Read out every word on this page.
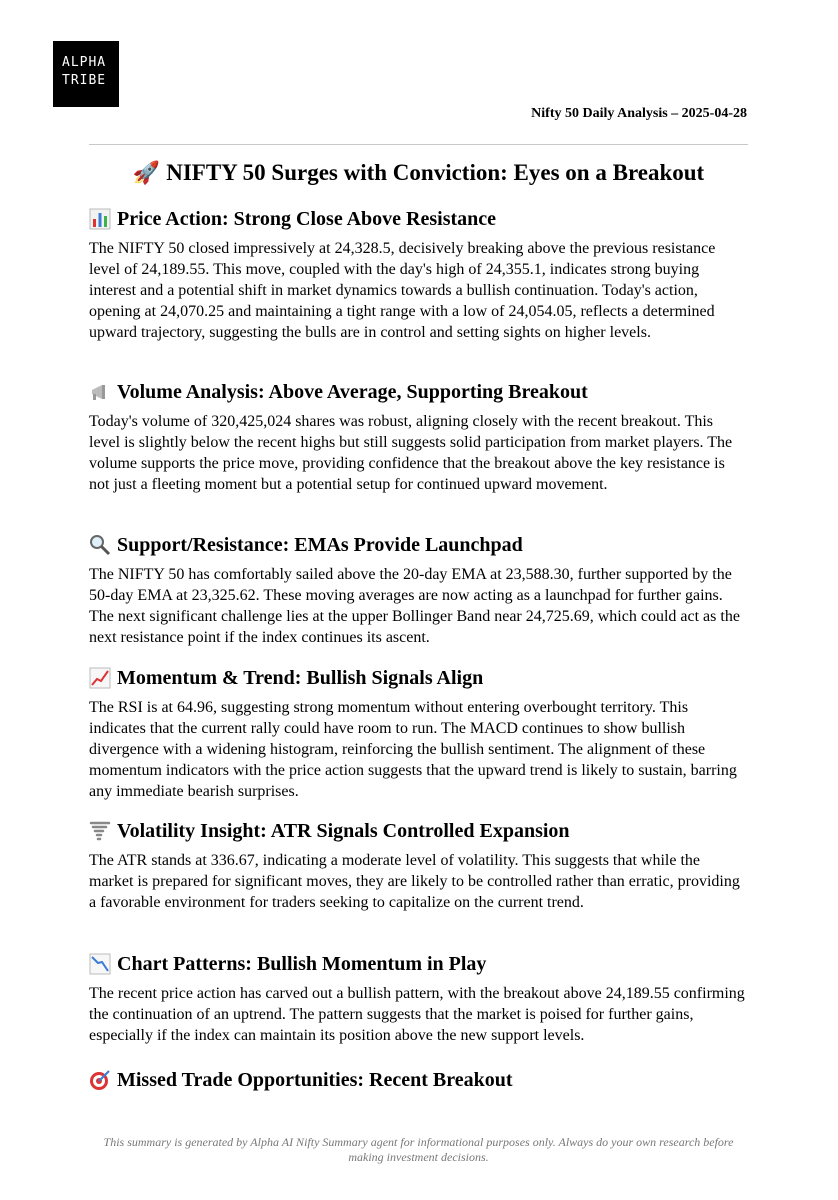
ALPHA
TRIBE
Nifty 50 Daily Analysis – 2025-04-28
🚀 NIFTY 50 Surges with Conviction: Eyes on a Breakout
Price Action: Strong Close Above Resistance

The NIFTY 50 closed impressively at 24,328.5, decisively breaking above the previous resistance level of 24,189.55. This move, coupled with the day's high of 24,355.1, indicates strong buying interest and a potential shift in market dynamics towards a bullish continuation. Today's action, opening at 24,070.25 and maintaining a tight range with a low of 24,054.05, reflects a determined upward trajectory, suggesting the bulls are in control and setting sights on higher levels.

Volume Analysis: Above Average, Supporting Breakout

Today's volume of 320,425,024 shares was robust, aligning closely with the recent breakout. This level is slightly below the recent highs but still suggests solid participation from market players. The volume supports the price move, providing confidence that the breakout above the key resistance is not just a fleeting moment but a potential setup for continued upward movement.

Support/Resistance: EMAs Provide Launchpad

The NIFTY 50 has comfortably sailed above the 20-day EMA at 23,588.30, further supported by the 50-day EMA at 23,325.62. These moving averages are now acting as a launchpad for further gains. The next significant challenge lies at the upper Bollinger Band near 24,725.69, which could act as the next resistance point if the index continues its ascent.

Momentum & Trend: Bullish Signals Align

The RSI is at 64.96, suggesting strong momentum without entering overbought territory. This indicates that the current rally could have room to run. The MACD continues to show bullish divergence with a widening histogram, reinforcing the bullish sentiment. The alignment of these momentum indicators with the price action suggests that the upward trend is likely to sustain, barring any immediate bearish surprises.

Volatility Insight: ATR Signals Controlled Expansion

The ATR stands at 336.67, indicating a moderate level of volatility. This suggests that while the market is prepared for significant moves, they are likely to be controlled rather than erratic, providing a favorable environment for traders seeking to capitalize on the current trend.

Chart Patterns: Bullish Momentum in Play

The recent price action has carved out a bullish pattern, with the breakout above 24,189.55 confirming the continuation of an uptrend. The pattern suggests that the market is poised for further gains, especially if the index can maintain its position above the new support levels.

Missed Trade Opportunities: Recent Breakout
This summary is generated by Alpha AI Nifty Summary agent for informational purposes only. Always do your own research before making investment decisions.
